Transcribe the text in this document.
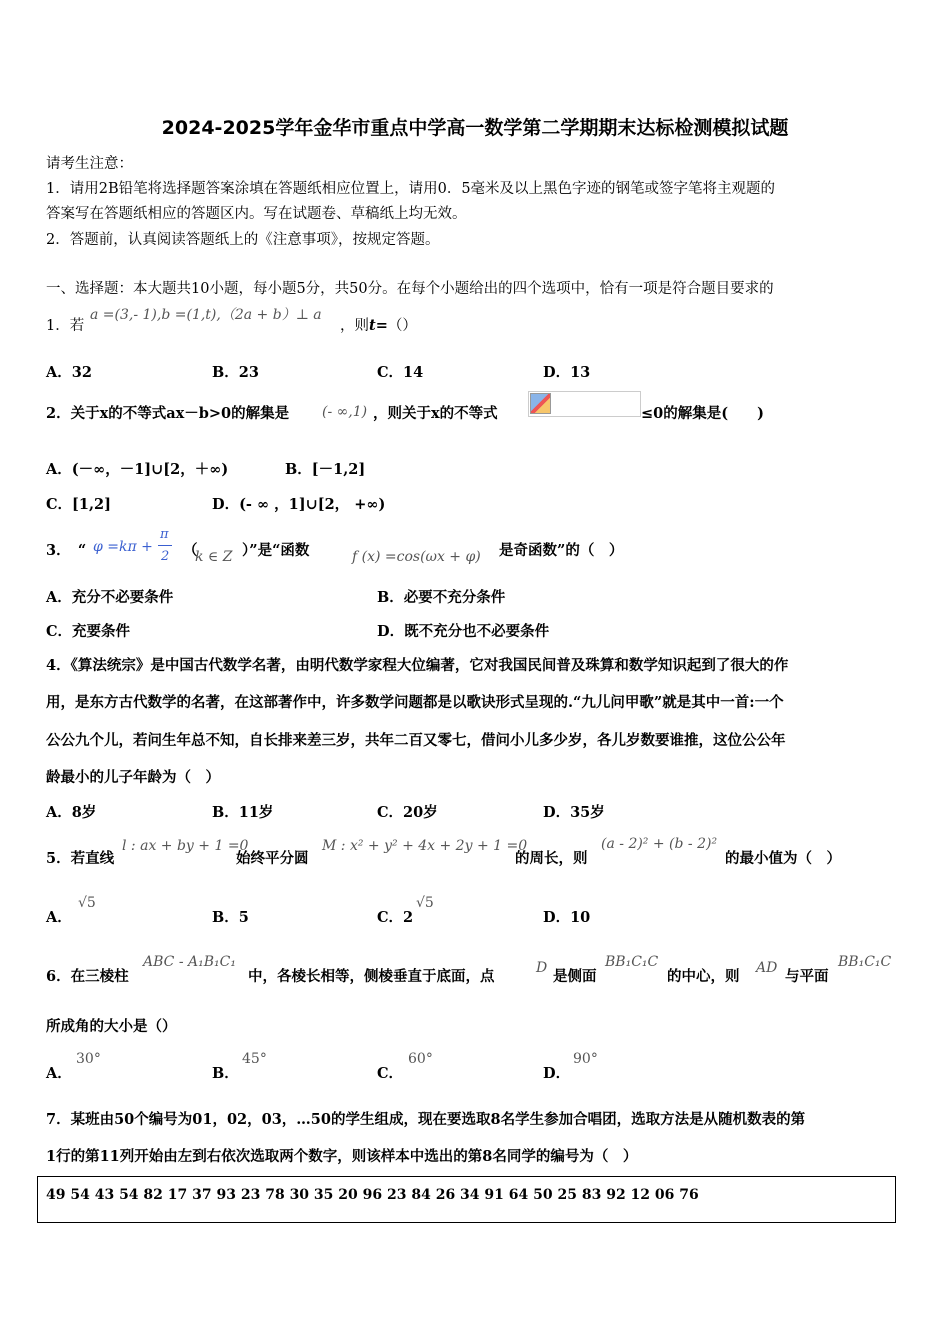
2024-2025学年金华市重点中学高一数学第二学期期末达标检测模拟试题
请考生注意：
1．请用2B铅笔将选择题答案涂填在答题纸相应位置上，请用0．5毫米及以上黑色字迹的钢笔或签字笔将主观题的
答案写在答题纸相应的答题区内。写在试题卷、草稿纸上均无效。
2．答题前，认真阅读答题纸上的《注意事项》，按规定答题。
一、选择题：本大题共10小题，每小题5分，共50分。在每个小题给出的四个选项中，恰有一项是符合题目要求的
1．若
a =(3,- 1),b =(1,t),（2a + b）⊥ a
，则t=（）
A．32	B．23	C．14	D．13
2．关于x的不等式ax－b>0的解集是 (- ∞,1) ，则关于x的不等式	≤0的解集是(　　)
A．(－∞，－1]∪[2，＋∞)	B．[－1,2]
C．[1,2]	D．(- ∞ ，1]∪[2， +∞)
3．　“ φ =kπ +
π
2 （
k ∈ Z ）”是“函数	f (x) =cos(ωx + φ) 是奇函数”的（　）
A．充分不必要条件	B．必要不充分条件
C．充要条件	D．既不充分也不必要条件
4．《算法统宗》是中国古代数学名著，由明代数学家程大位编著，它对我国民间普及珠算和数学知识起到了很大的作
用，是东方古代数学的名著，在这部著作中，许多数学问题都是以歌诀形式呈现的.“九儿问甲歌”就是其中一首:一个
公公九个儿，若问生年总不知，自长排来差三岁，共年二百又零七，借问小儿多少岁，各儿岁数要谁推，这位公公年
龄最小的儿子年龄为（　）
A．8岁	B．11岁	C．20岁	D．35岁
5．若直线
l : ax + by + 1 =0
始终平分圆
M : x² + y² + 4x + 2y + 1 =0
的周长，则
(a - 2)² + (b - 2)²
的最小值为（　）
A．
√5
B．5	C．2
√5
D．10
6．在三棱柱
ABC - A₁B₁C₁
中，各棱长相等，侧棱垂直于底面，点	D 是侧面
BB₁C₁C
的中心，则 AD 与平面
BB₁C₁C
所成角的大小是（）
A．
30°
B．
45°
C．
60°
D．
90°
7．某班由50个编号为01，02，03，…50的学生组成，现在要选取8名学生参加合唱团，选取方法是从随机数表的第
1行的第11列开始由左到右依次选取两个数字，则该样本中选出的第8名同学的编号为（　）
49 54 43 54 82 17 37 93 23 78 30 35 20 96 23 84 26 34 91 64 50 25 83 92 12 06 76
